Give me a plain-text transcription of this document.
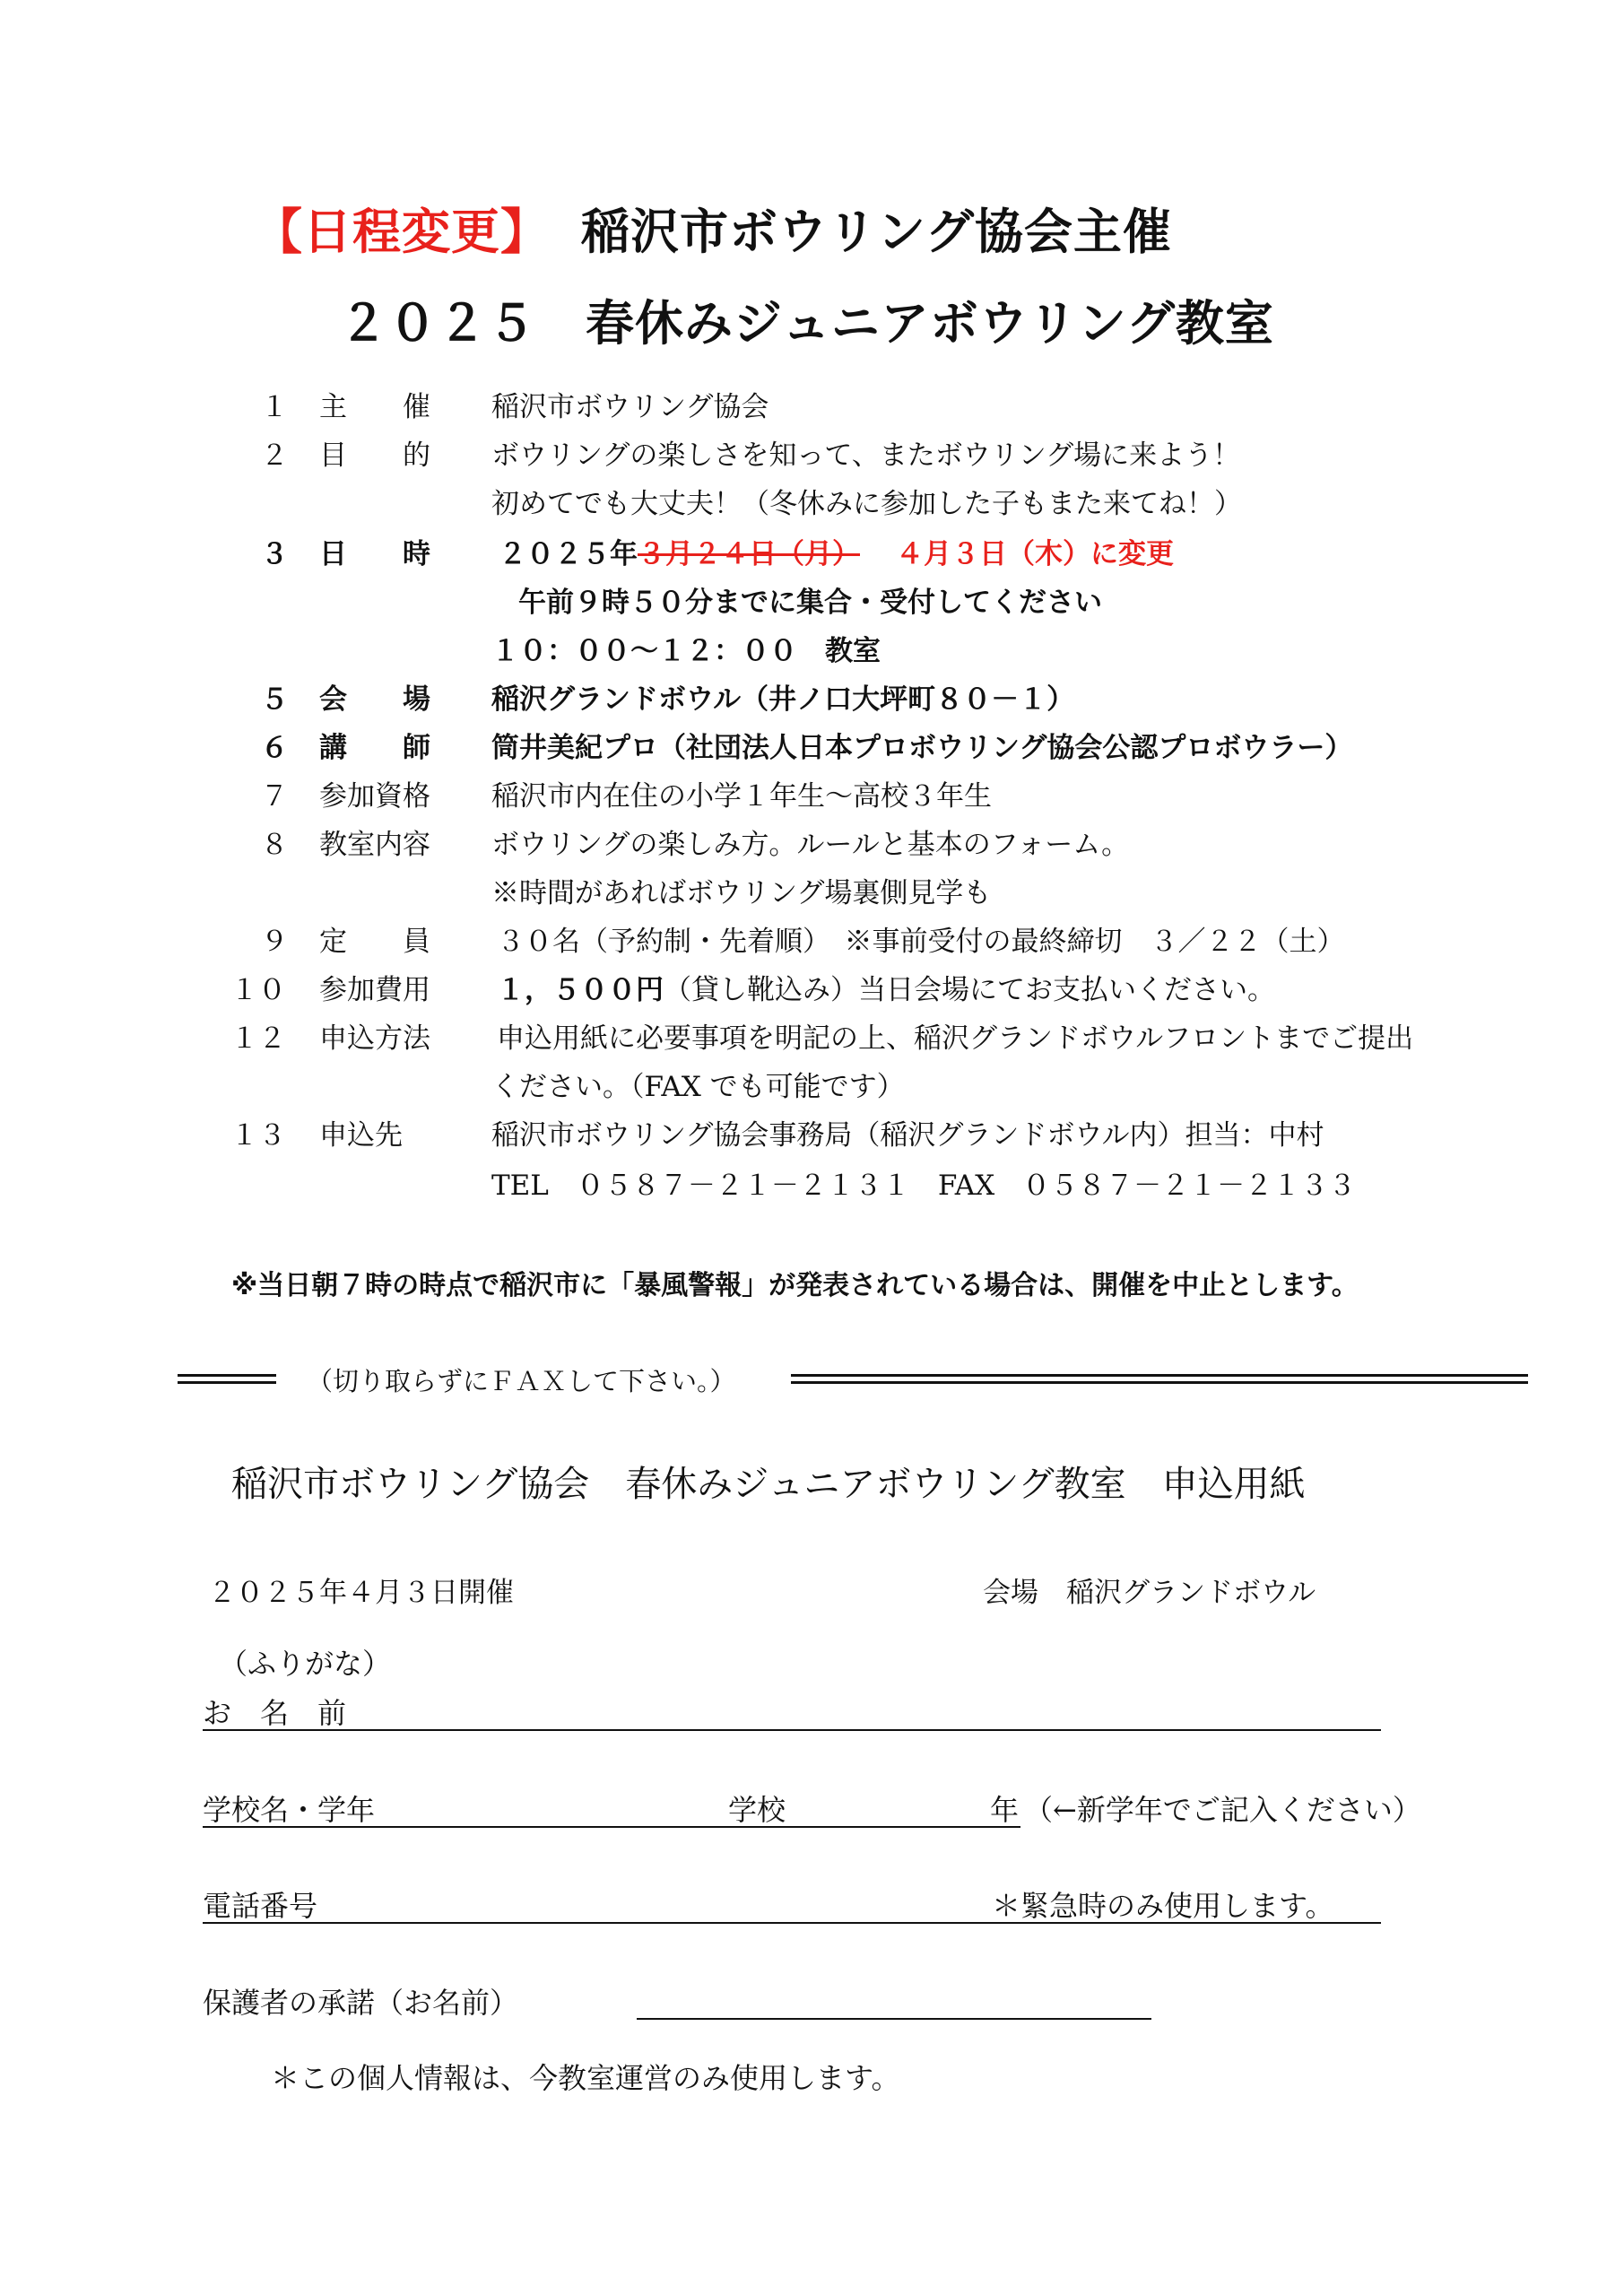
【日程変更】 稲沢市ボウリング協会主催
２０２５　春休みジュニアボウリング教室
１	主　　催 稲沢市ボウリング協会
２	目　　的 ボウリングの楽しさを知って、またボウリング場に来よう！
初めてでも大丈夫！（冬休みに参加した子もまた来てね！）
３	日　　時 ２０２５年３月２４日（月） ４月３日（木）に変更
午前９時５０分までに集合・受付してください
１０：００〜１２：００　教室
５	会　　場 稲沢グランドボウル（井ノ口大坪町８０－１）
６	講　　師 筒井美紀プロ（社団法人日本プロボウリング協会公認プロボウラー）
７	参加資格 稲沢市内在住の小学１年生〜高校３年生
８	教室内容 ボウリングの楽しみ方。ルールと基本のフォーム。
※時間があればボウリング場裏側見学も
９	定　　員 ３０名（予約制・先着順）　※事前受付の最終締切　３／２２（土）
１０ 参加費用 １，５００円（貸し靴込み）当日会場にてお支払いください。
１２ 申込方法 申込用紙に必要事項を明記の上、稲沢グランドボウルフロントまでご提出
ください。（FAX でも可能です）
１３ 申込先	稲沢市ボウリング協会事務局（稲沢グランドボウル内）担当：中村
TEL　０５８７－２１－２１３１　FAX　０５８７－２１－２１３３
※当日朝７時の時点で稲沢市に「暴風警報」が発表されている場合は、開催を中止とします。
（切り取らずにＦＡＸして下さい。）
稲沢市ボウリング協会　春休みジュニアボウリング教室　申込用紙
２０２５年４月３日開催	会場　稲沢グランドボウル
（ふりがな）
お　名　前
学校名・学年	学校	年 （←新学年でご記入ください）
電話番号	＊緊急時のみ使用します。
保護者の承諾（お名前）
＊この個人情報は、今教室運営のみ使用します。
